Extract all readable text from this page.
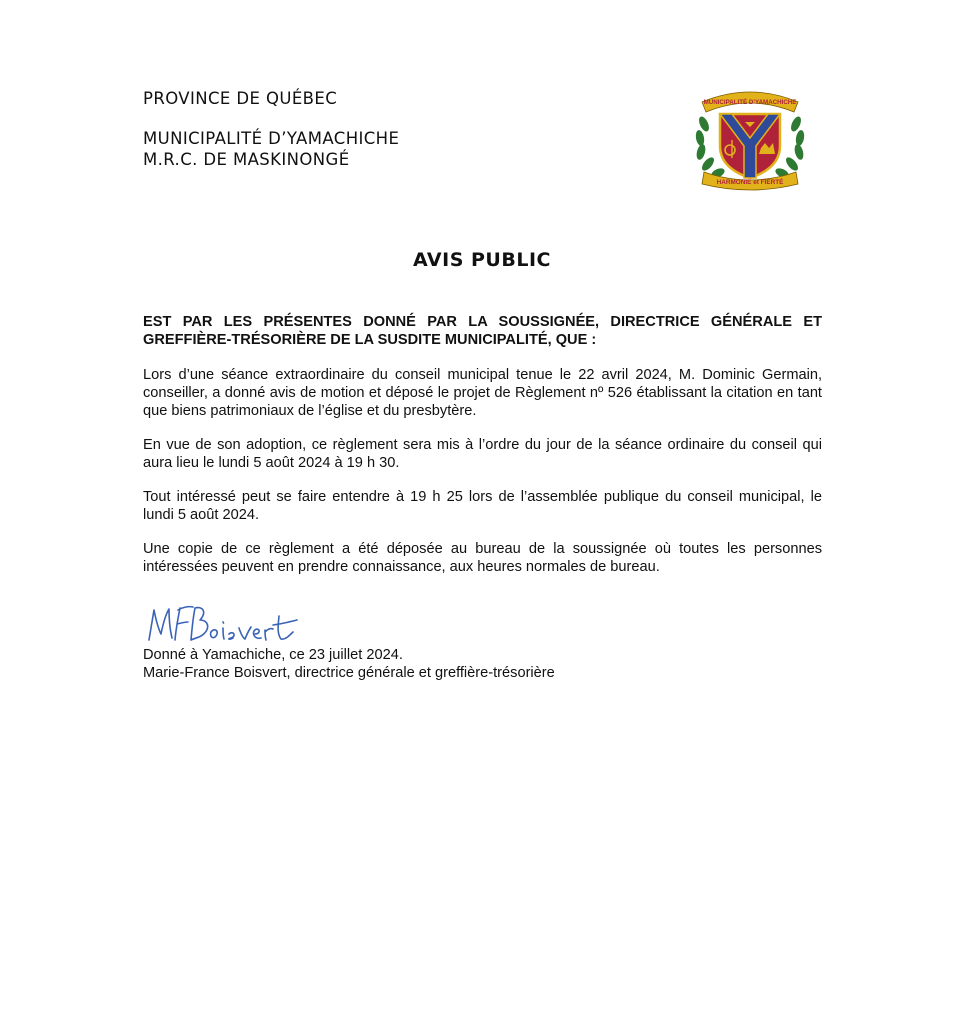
PROVINCE DE QUÉBEC
MUNICIPALITÉ D’YAMACHICHE
M.R.C. DE MASKINONGÉ
MUNICIPALITÉ D’YAMACHICHE
HARMONIE et FIERTÉ
AVIS PUBLIC
EST PAR LES PRÉSENTES DONNÉ PAR LA SOUSSIGNÉE, DIRECTRICE GÉNÉRALE ET GREFFIÈRE-TRÉSORIÈRE DE LA SUSDITE MUNICIPALITÉ, QUE :

Lors d’une séance extraordinaire du conseil municipal tenue le 22 avril 2024, M. Dominic Germain, conseiller, a donné avis de motion et déposé le projet de Règlement nº 526 établissant la citation en tant que biens patrimoniaux de l’église et du presbytère.

En vue de son adoption, ce règlement sera mis à l’ordre du jour de la séance ordinaire du conseil qui aura lieu le lundi 5 août 2024 à 19 h 30.

Tout intéressé peut se faire entendre à 19 h 25 lors de l’assemblée publique du conseil municipal, le lundi 5 août 2024.

Une copie de ce règlement a été déposée au bureau de la soussignée où toutes les personnes intéressées peuvent en prendre connaissance, aux heures normales de bureau.

Donné à Yamachiche, ce 23 juillet 2024.
Marie-France Boisvert, directrice générale et greffière-trésorière
